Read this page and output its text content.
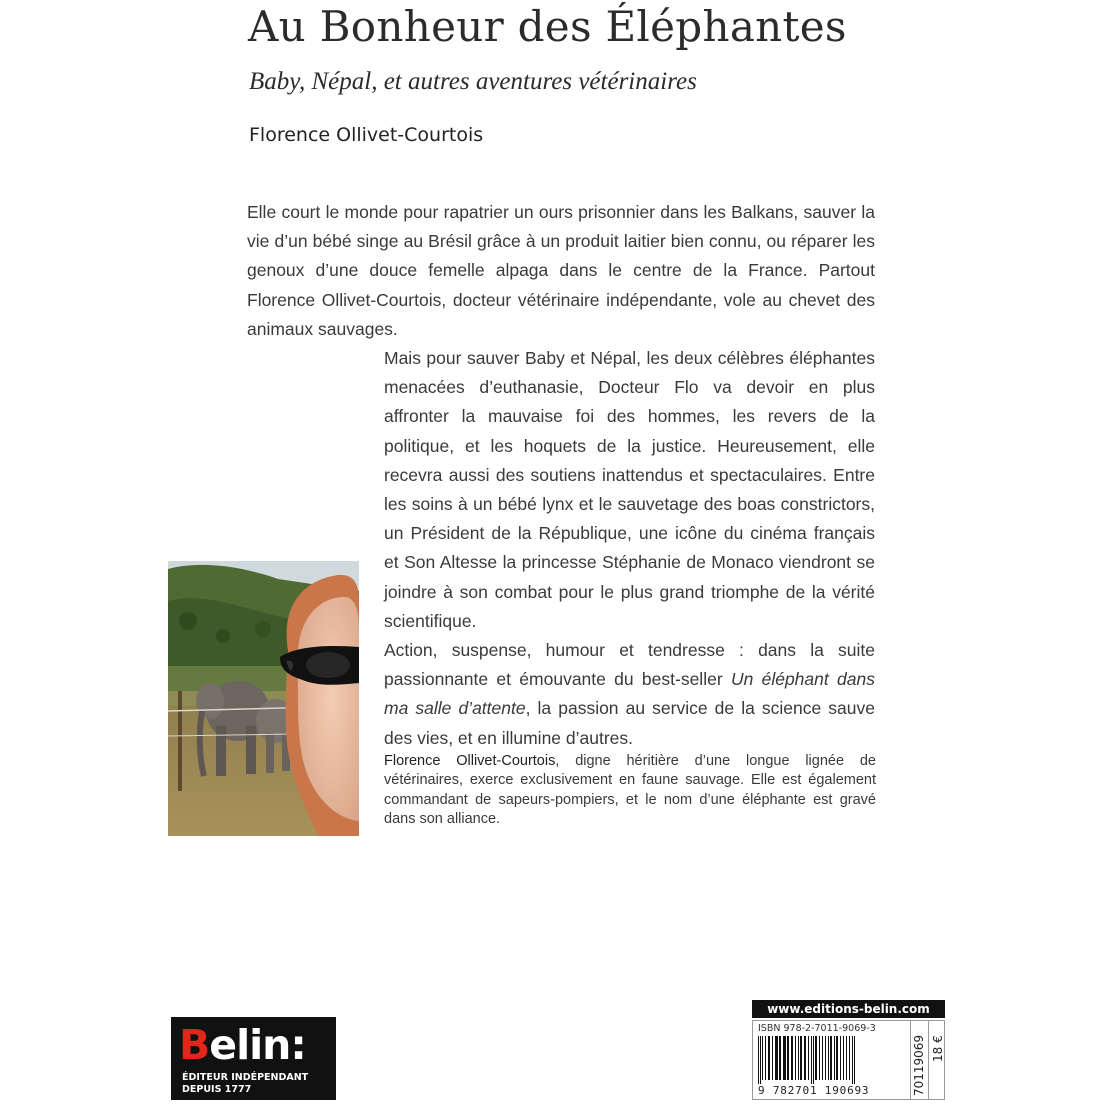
Au Bonheur des Éléphantes
Baby, Népal, et autres aventures vétérinaires
Florence Ollivet-Courtois

Elle court le monde pour rapatrier un ours prisonnier dans les Balkans, sauver la vie d’un bébé singe au Brésil grâce à un produit laitier bien connu, ou réparer les genoux d’une douce femelle alpaga dans le centre de la France. Partout Florence Ollivet-Courtois, docteur vétérinaire indépendante, vole au chevet des animaux sauvages.

Mais pour sauver Baby et Népal, les deux célèbres éléphantes menacées d’euthanasie, Docteur Flo va devoir en plus affronter la mauvaise foi des hommes, les revers de la politique, et les hoquets de la justice. Heureusement, elle recevra aussi des soutiens inattendus et spectaculaires. Entre les soins à un bébé lynx et le sauvetage des boas constrictors, un Président de la République, une icône du cinéma français et Son Altesse la princesse Stéphanie de Monaco viendront se joindre à son combat pour le plus grand triomphe de la vérité scientifique.

Action, suspense, humour et tendresse : dans la suite passionnante et émouvante du best-seller Un éléphant dans ma salle d’attente, la passion au service de la science sauve des vies, et en illumine d’autres.

Florence Ollivet-Courtois, digne héritière d’une longue lignée de vétérinaires, exerce exclusivement en faune sauvage. Elle est également commandant de sapeurs-pompiers, et le nom d’une éléphante est gravé dans son alliance.
Belin:
ÉDITEUR INDÉPENDANT
DEPUIS 1777
www.editions-belin.com
ISBN 978-2-7011-9069-3
9 782701 190693	70119069 18 €
